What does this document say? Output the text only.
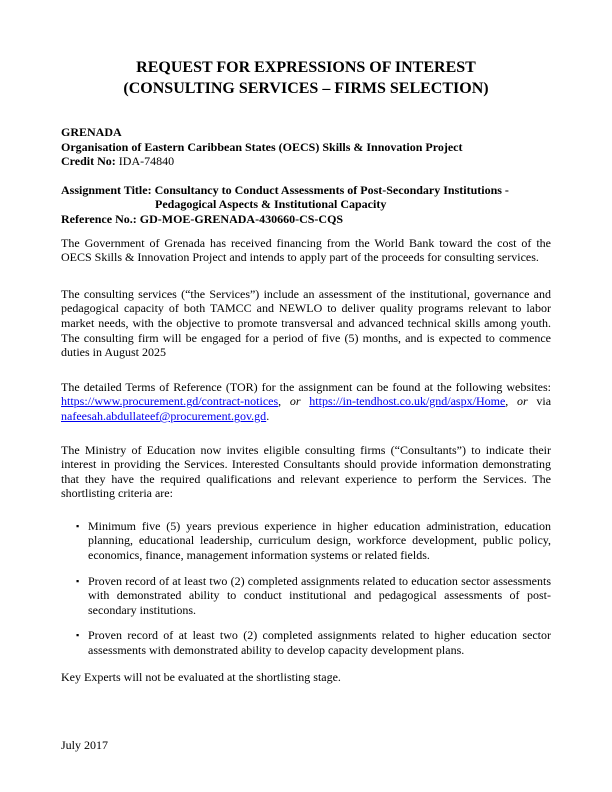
REQUEST FOR EXPRESSIONS OF INTEREST
(CONSULTING SERVICES – FIRMS SELECTION)
GRENADA
Organisation of Eastern Caribbean States (OECS) Skills & Innovation Project
Credit No: IDA-74840
Assignment Title: Consultancy to Conduct Assessments of Post-Secondary Institutions -
Pedagogical Aspects & Institutional Capacity
Reference No.: GD-MOE-GRENADA-430660-CS-CQS
The Government of Grenada has received financing from the World Bank toward the cost of the OECS Skills & Innovation Project and intends to apply part of the proceeds for consulting services.
The consulting services (“the Services”) include an assessment of the institutional, governance and pedagogical capacity of both TAMCC and NEWLO to deliver quality programs relevant to labor market needs, with the objective to promote transversal and advanced technical skills among youth. The consulting firm will be engaged for a period of five (5) months, and is expected to commence duties in August 2025
The detailed Terms of Reference (TOR) for the assignment can be found at the following websites: https://www.procurement.gd/contract-notices, or https://in-tendhost.co.uk/gnd/aspx/Home, or via nafeesah.abdullateef@procurement.gov.gd.
The Ministry of Education now invites eligible consulting firms (“Consultants”) to indicate their interest in providing the Services. Interested Consultants should provide information demonstrating that they have the required qualifications and relevant experience to perform the Services. The shortlisting criteria are:
▪ Minimum five (5) years previous experience in higher education administration, education planning, educational leadership, curriculum design, workforce development, public policy, economics, finance, management information systems or related fields.
▪ Proven record of at least two (2) completed assignments related to education sector assessments with demonstrated ability to conduct institutional and pedagogical assessments of post-secondary institutions.
▪ Proven record of at least two (2) completed assignments related to higher education sector assessments with demonstrated ability to develop capacity development plans.
Key Experts will not be evaluated at the shortlisting stage.
July 2017
